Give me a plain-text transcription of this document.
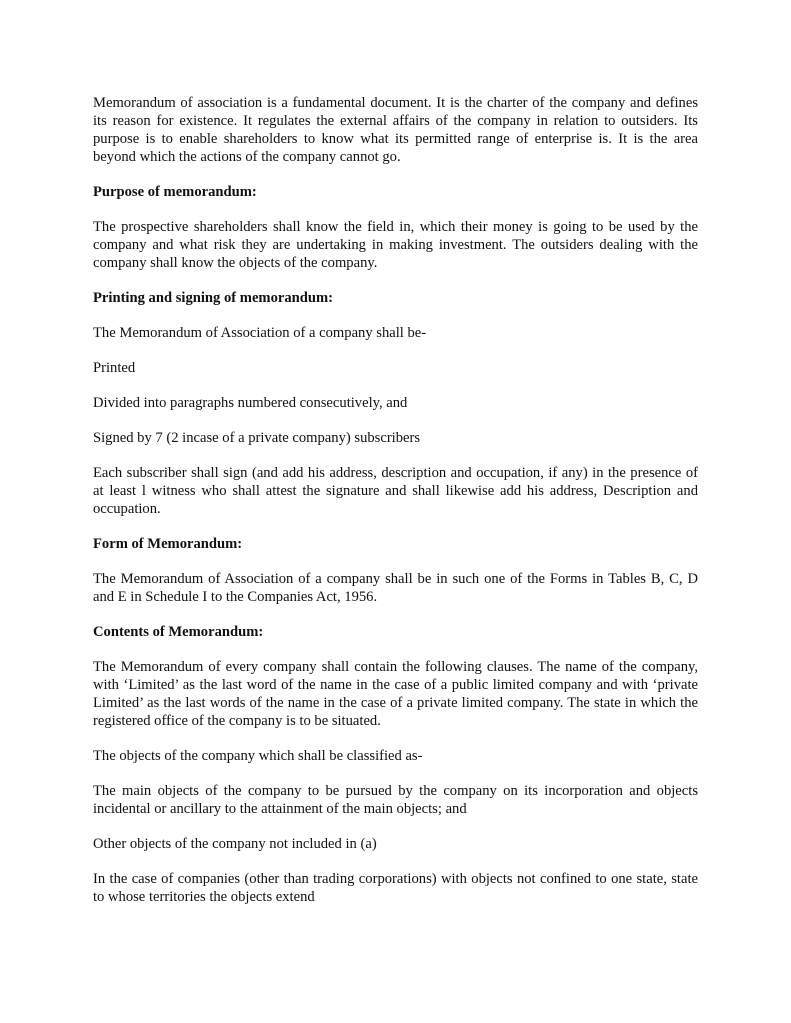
Memorandum of association is a fundamental document. It is the charter of the company and defines its reason for existence. It regulates the external affairs of the company in relation to outsiders. Its purpose is to enable shareholders to know what its permitted range of enterprise is. It is the area beyond which the actions of the company cannot go.

Purpose of memorandum:

The prospective shareholders shall know the field in, which their money is going to be used by the company and what risk they are undertaking in making investment. The outsiders dealing with the company shall know the objects of the company.

Printing and signing of memorandum:

The Memorandum of Association of a company shall be-

Printed

Divided into paragraphs numbered consecutively, and

Signed by 7 (2 incase of a private company) subscribers

Each subscriber shall sign (and add his address, description and occupation, if any) in the presence of at least l witness who shall attest the signature and shall likewise add his address, Description and occupation.

Form of Memorandum:

The Memorandum of Association of a company shall be in such one of the Forms in Tables B, C, D and E in Schedule I to the Companies Act, 1956.

Contents of Memorandum:

The Memorandum of every company shall contain the following clauses. The name of the company, with ‘Limited’ as the last word of the name in the case of a public limited company and with ‘private Limited’ as the last words of the name in the case of a private limited company. The state in which the registered office of the company is to be situated.

The objects of the company which shall be classified as-

The main objects of the company to be pursued by the company on its incorporation and objects incidental or ancillary to the attainment of the main objects; and

Other objects of the company not included in (a)

In the case of companies (other than trading corporations) with objects not confined to one state, state to whose territories the objects extend
